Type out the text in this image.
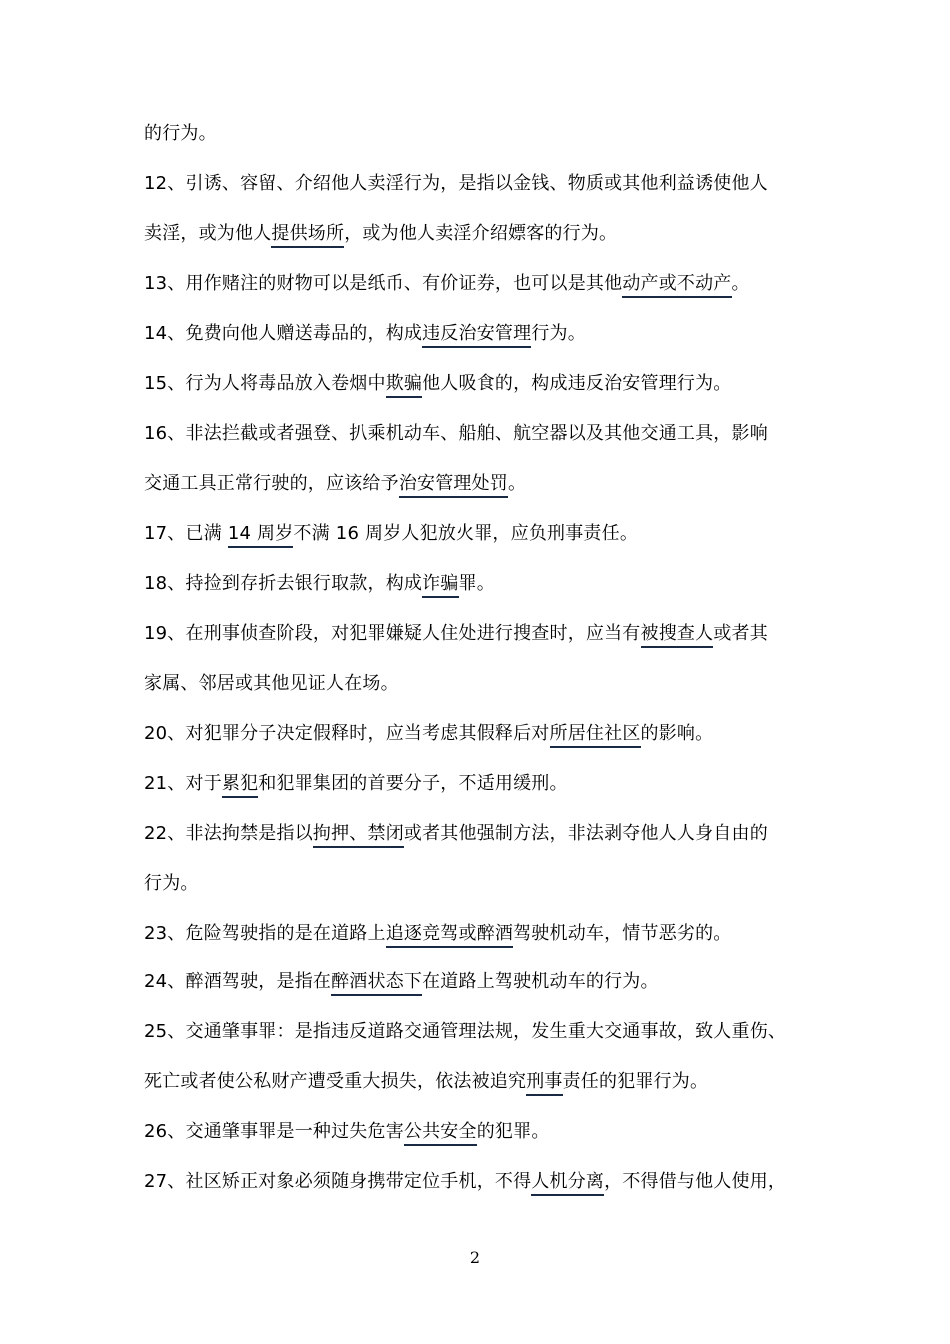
的行为。
12、引诱、容留、介绍他人卖淫行为，是指以金钱、物质或其他利益诱使他人
卖淫，或为他人提供场所，或为他人卖淫介绍嫖客的行为。
13、用作赌注的财物可以是纸币、有价证券，也可以是其他动产或不动产。
14、免费向他人赠送毒品的，构成违反治安管理行为。
15、行为人将毒品放入卷烟中欺骗他人吸食的，构成违反治安管理行为。
16、非法拦截或者强登、扒乘机动车、船舶、航空器以及其他交通工具，影响
交通工具正常行驶的，应该给予治安管理处罚。
17、已满 14 周岁不满 16 周岁人犯放火罪，应负刑事责任。
18、持捡到存折去银行取款，构成诈骗罪。
19、在刑事侦查阶段，对犯罪嫌疑人住处进行搜查时，应当有被搜查人或者其
家属、邻居或其他见证人在场。
20、对犯罪分子决定假释时，应当考虑其假释后对所居住社区的影响。
21、对于累犯和犯罪集团的首要分子，不适用缓刑。
22、非法拘禁是指以拘押、禁闭或者其他强制方法，非法剥夺他人人身自由的
行为。
23、危险驾驶指的是在道路上追逐竞驾或醉酒驾驶机动车，情节恶劣的。
24、醉酒驾驶，是指在醉酒状态下在道路上驾驶机动车的行为。
25、交通肇事罪：是指违反道路交通管理法规，发生重大交通事故，致人重伤、
死亡或者使公私财产遭受重大损失，依法被追究刑事责任的犯罪行为。
26、交通肇事罪是一种过失危害公共安全的犯罪。
27、社区矫正对象必须随身携带定位手机，不得人机分离，不得借与他人使用，
2
